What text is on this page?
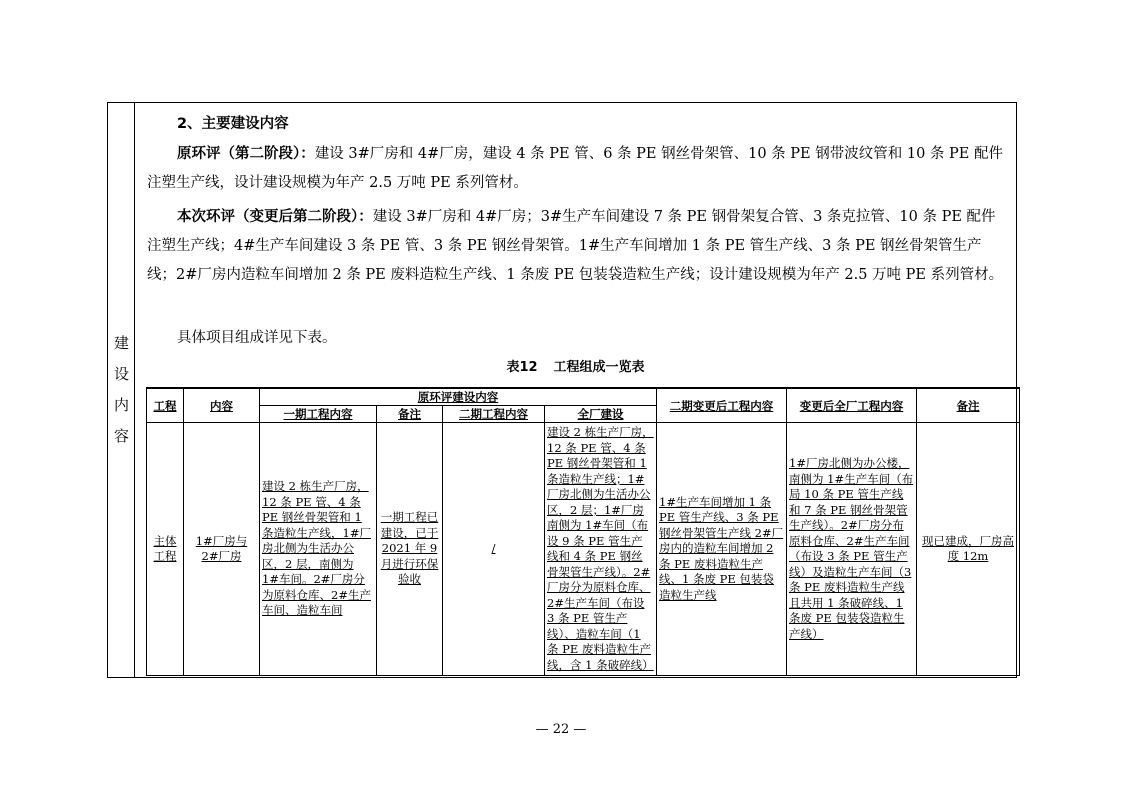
建设内容
2、主要建设内容
原环评（第二阶段）：建设 3#厂房和 4#厂房，建设 4 条 PE 管、6 条 PE 钢丝骨架管、10 条 PE 钢带波纹管和 10 条 PE 配件注塑生产线，设计建设规模为年产 2.5 万吨 PE 系列管材。
本次环评（变更后第二阶段）：建设 3#厂房和 4#厂房；3#生产车间建设 7 条 PE 钢骨架复合管、3 条克拉管、10 条 PE 配件注塑生产线；4#生产车间建设 3 条 PE 管、3 条 PE 钢丝骨架管。1#生产车间增加 1 条 PE 管生产线、3 条 PE 钢丝骨架管生产线；2#厂房内造粒车间增加 2 条 PE 废料造粒生产线、1 条废 PE 包装袋造粒生产线；设计建设规模为年产 2.5 万吨 PE 系列管材。
具体项目组成详见下表。
表12 工程组成一览表
工程	内容	原环评建设内容				二期变更后工程内容	变更后全厂工程内容	备注
		一期工程内容	备注	二期工程内容	全厂建设			
主体工程	1#厂房与 2#厂房	建设 2 栋生产厂房，12 条 PE 管、4 条 PE 钢丝骨架管和 1 条造粒生产线，1#厂房北侧为生活办公区，2 层，南侧为 1#车间。2#厂房分为原料仓库、2#生产车间、造粒车间	一期工程已建设，已于 2021 年 9 月进行环保验收	/	建设 2 栋生产厂房，12 条 PE 管、4 条 PE 钢丝骨架管和 1 条造粒生产线；1#厂房北侧为生活办公区，2 层；1#厂房南侧为 1#车间（布设 9 条 PE 管生产线和 4 条 PE 钢丝骨架管生产线）。2#厂房分为原料仓库、2#生产车间（布设 3 条 PE 管生产线）、造粒车间（1 条 PE 废料造粒生产线，含 1 条破碎线）	1#生产车间增加 1 条 PE 管生产线、3 条 PE 钢丝骨架管生产线 2#厂房内的造粒车间增加 2 条 PE 废料造粒生产线、1 条废 PE 包装袋造粒生产线	1#厂房北侧为办公楼，南侧为 1#生产车间（布局 10 条 PE 管生产线和 7 条 PE 钢丝骨架管生产线）。2#厂房分布原料仓库、2#生产车间（布设 3 条 PE 管生产线）及造粒生产车间（3 条 PE 废料造粒生产线且共用 1 条破碎线、1 条废 PE 包装袋造粒生产线）	现已建成，厂房高度 12m
— 22 —
